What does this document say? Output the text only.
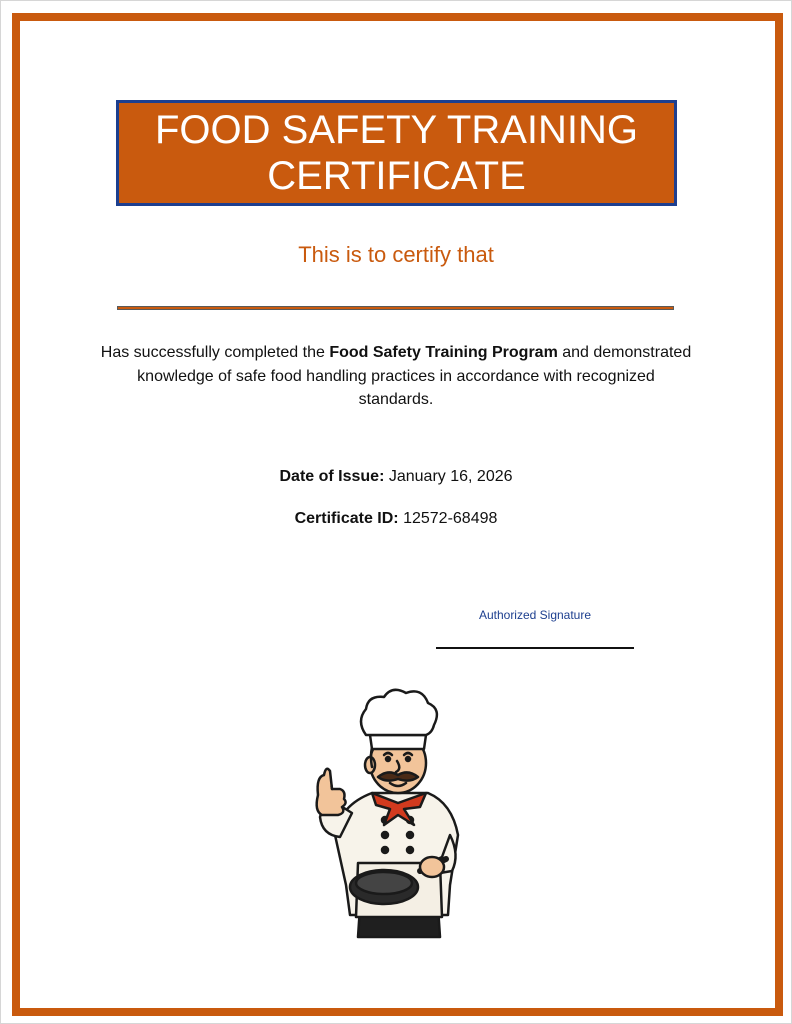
FOOD SAFETY TRAINING
CERTIFICATE
This is to certify that
Has successfully completed the Food Safety Training Program and demonstrated knowledge of safe food handling practices in accordance with recognized standards.
Date of Issue: January 16, 2026
Certificate ID: 12572-68498
Authorized Signature
